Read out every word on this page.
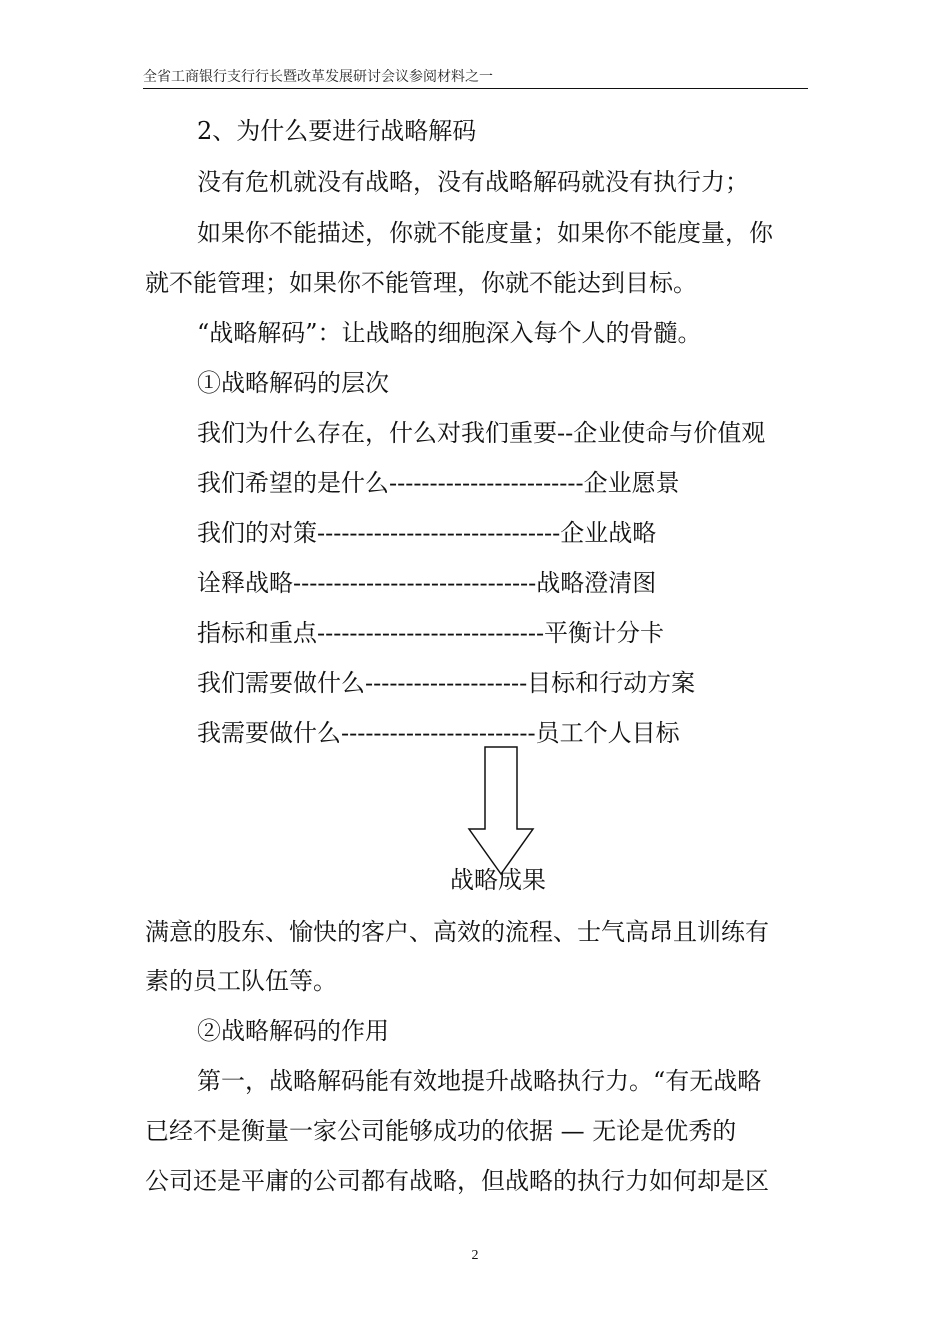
全省工商银行支行行长暨改革发展研讨会议参阅材料之一

2、为什么要进行战略解码

没有危机就没有战略，没有战略解码就没有执行力；

如果你不能描述，你就不能度量；如果你不能度量，你

就不能管理；如果你不能管理，你就不能达到目标。

“战略解码”：让战略的细胞深入每个人的骨髓。

①战略解码的层次

我们为什么存在，什么对我们重要--企业使命与价值观

我们希望的是什么------------------------企业愿景

我们的对策------------------------------企业战略

诠释战略------------------------------战略澄清图

指标和重点----------------------------平衡计分卡

我们需要做什么--------------------目标和行动方案

我需要做什么------------------------员工个人目标

战略成果

满意的股东、愉快的客户、高效的流程、士气高昂且训练有

素的员工队伍等。

②战略解码的作用

第一，战略解码能有效地提升战略执行力。“有无战略

已经不是衡量一家公司能够成功的依据 — 无论是优秀的

公司还是平庸的公司都有战略，但战略的执行力如何却是区

2
